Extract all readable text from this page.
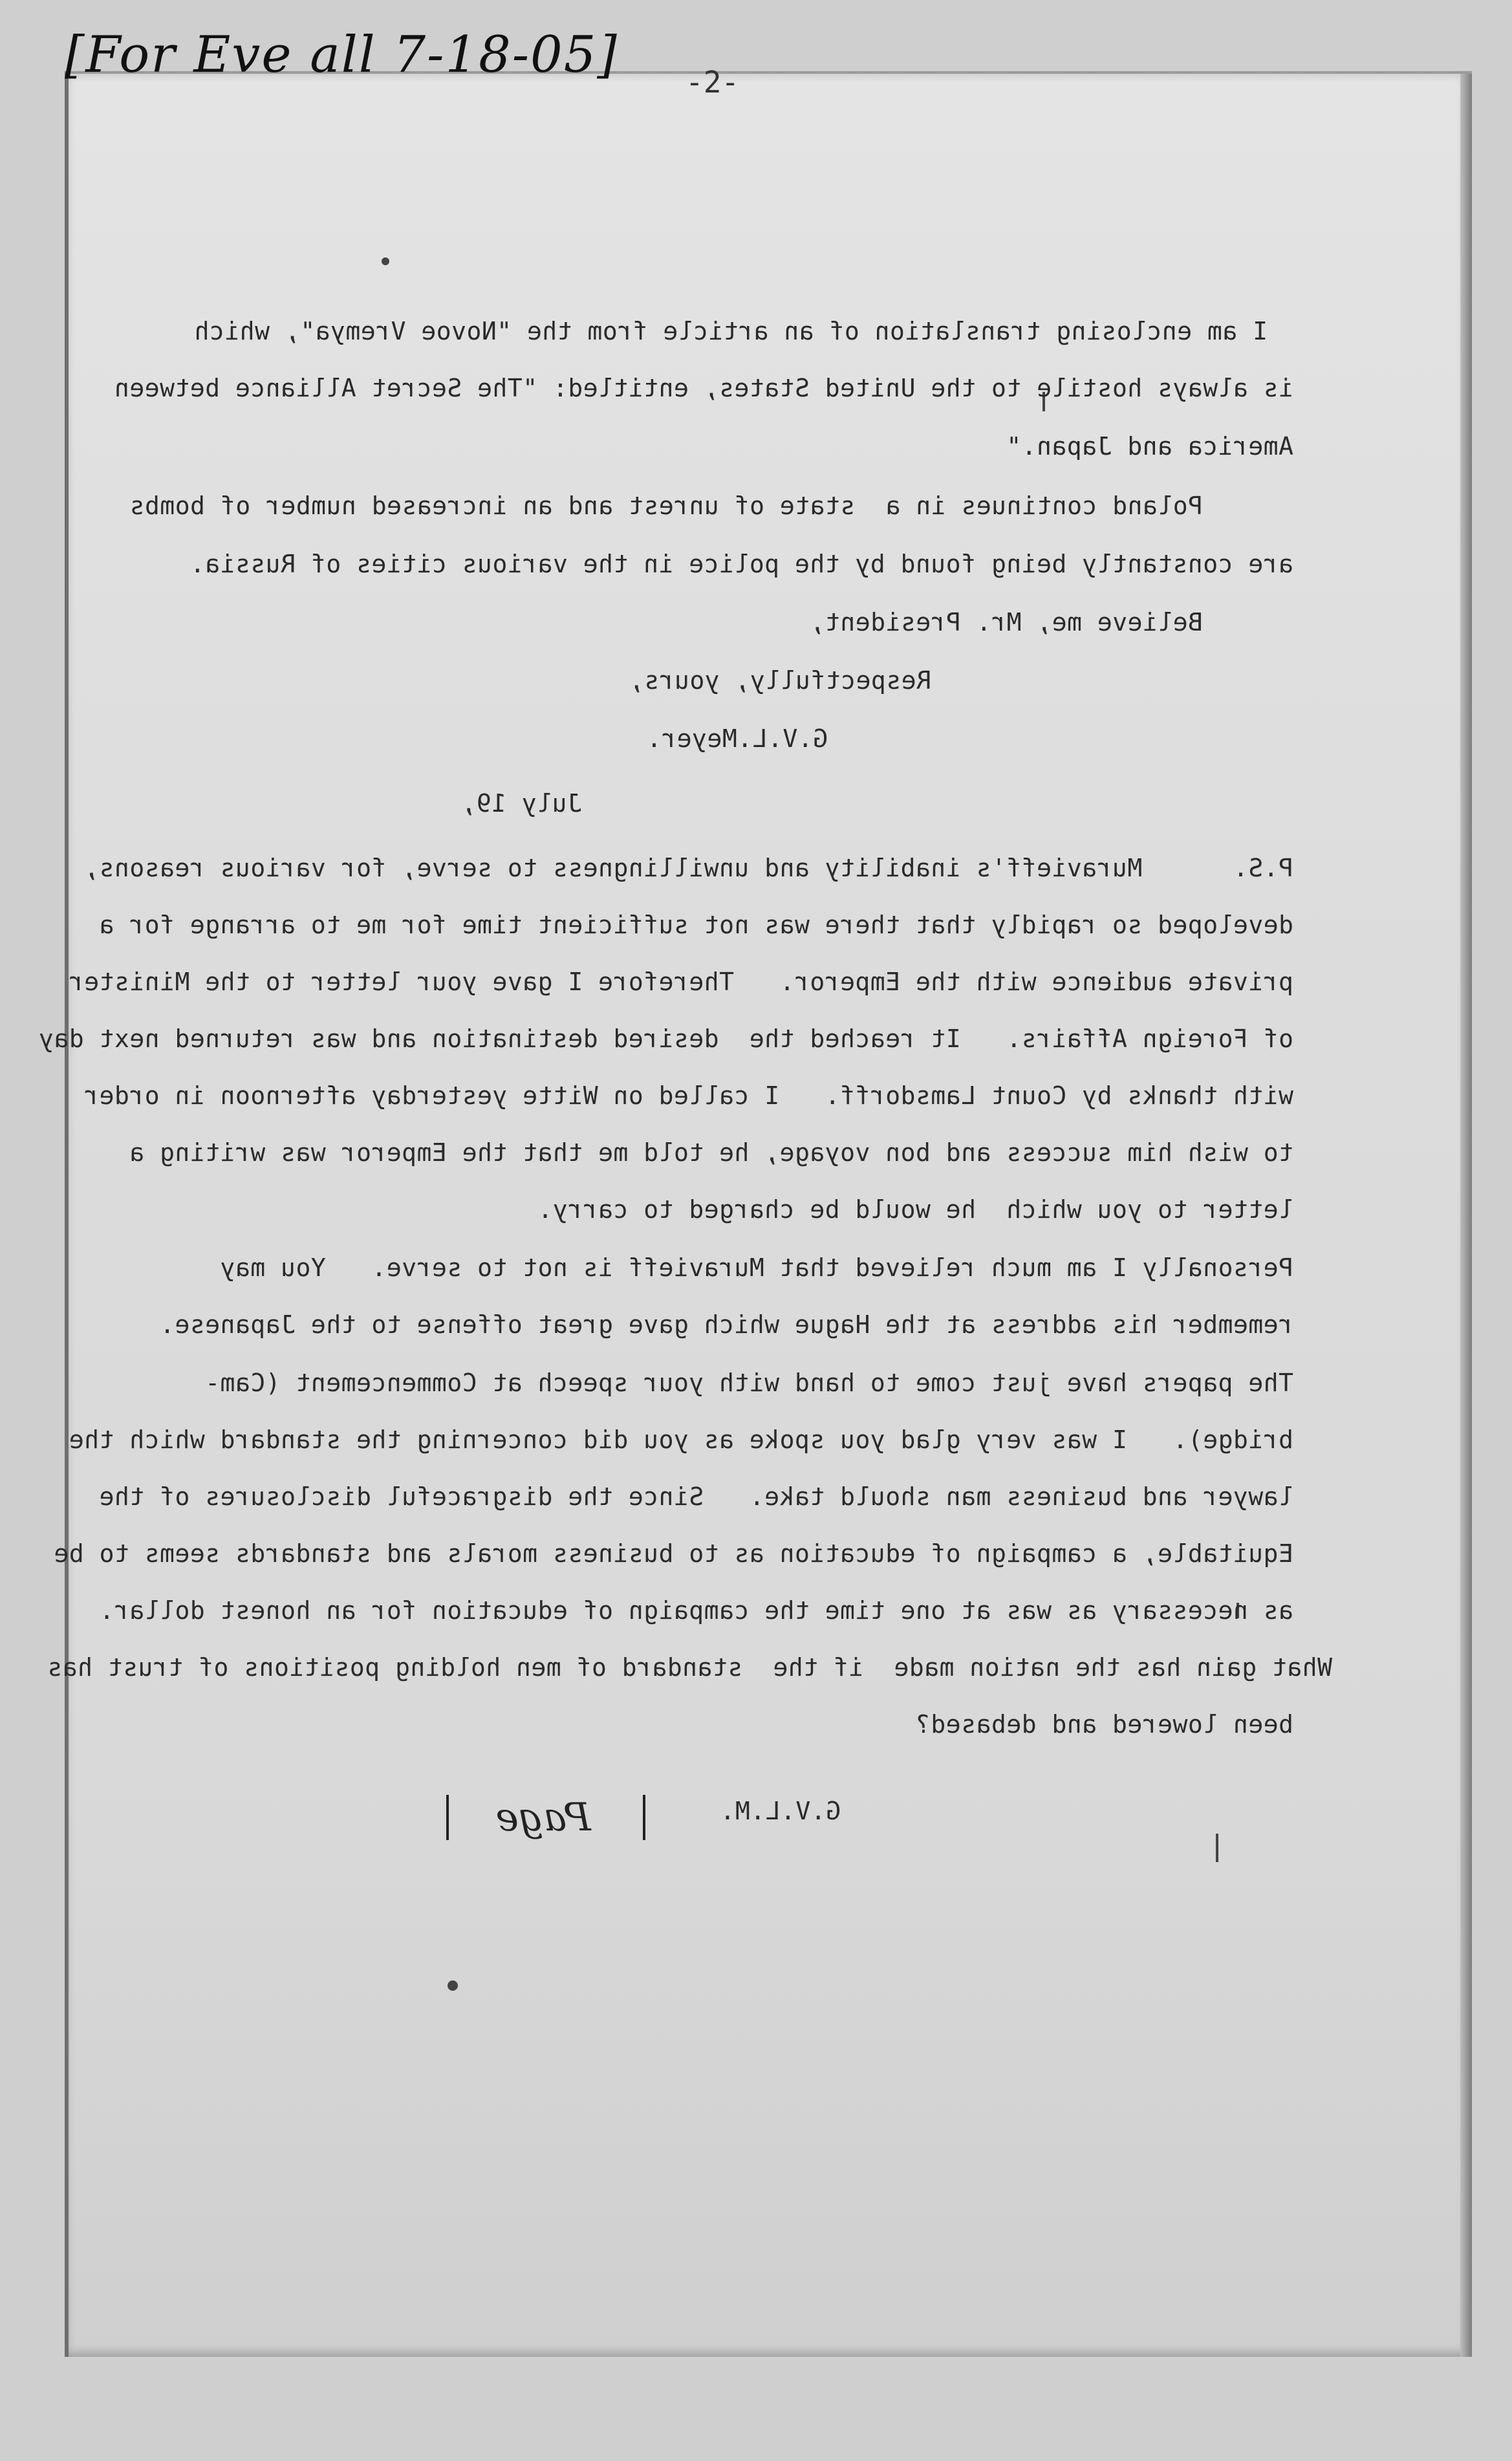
[For Eve all 7-18-05] -2-
I am enclosing translation of an article from the "Novoe Vremya", which
is always hostile to the United States, entitled: "The Secret Alliance between
America and Japan."
Poland continues in a  state of unrest and an increased number of bombs
are constantly being found by the police in the various cities of Russia.
Believe me, Mr. President,
Respectfully, yours,
G.V.L.Meyer.
July 19,
P.S.      Muravieff's inability and unwillingness to serve, for various reasons,
developed so rapidly that there was not sufficient time for me to arrange for a
private audience with the Emperor.   Therefore I gave your letter to the Minister
of Foreign Affairs.   It reached the  desired destination and was returned next day
with thanks by Count Lamsdorff.   I called on Witte yesterday afternoon in order
to wish him success and bon voyage, he told me that the Emperor was writing a
letter to you which  he would be charged to carry.
Personally I am much relieved that Muravieff is not to serve.   You may
remember his address at the Hague which gave great offense to the Japanese.
The papers have just come to hand with your speech at Commencement (Cam-
bridge).   I was very glad you spoke as you did concerning the standard which the
lawyer and business man should take.   Since the disgraceful disclosures of the
Equitable, a campaign of education as to business morals and standards seems to be
as necessary as was at one time the campaign of education for an honest dollar.
What gain has the nation made  if the  standard of men holding positions of trust has
been lowered and debased?
G.V.L.M.
Page
